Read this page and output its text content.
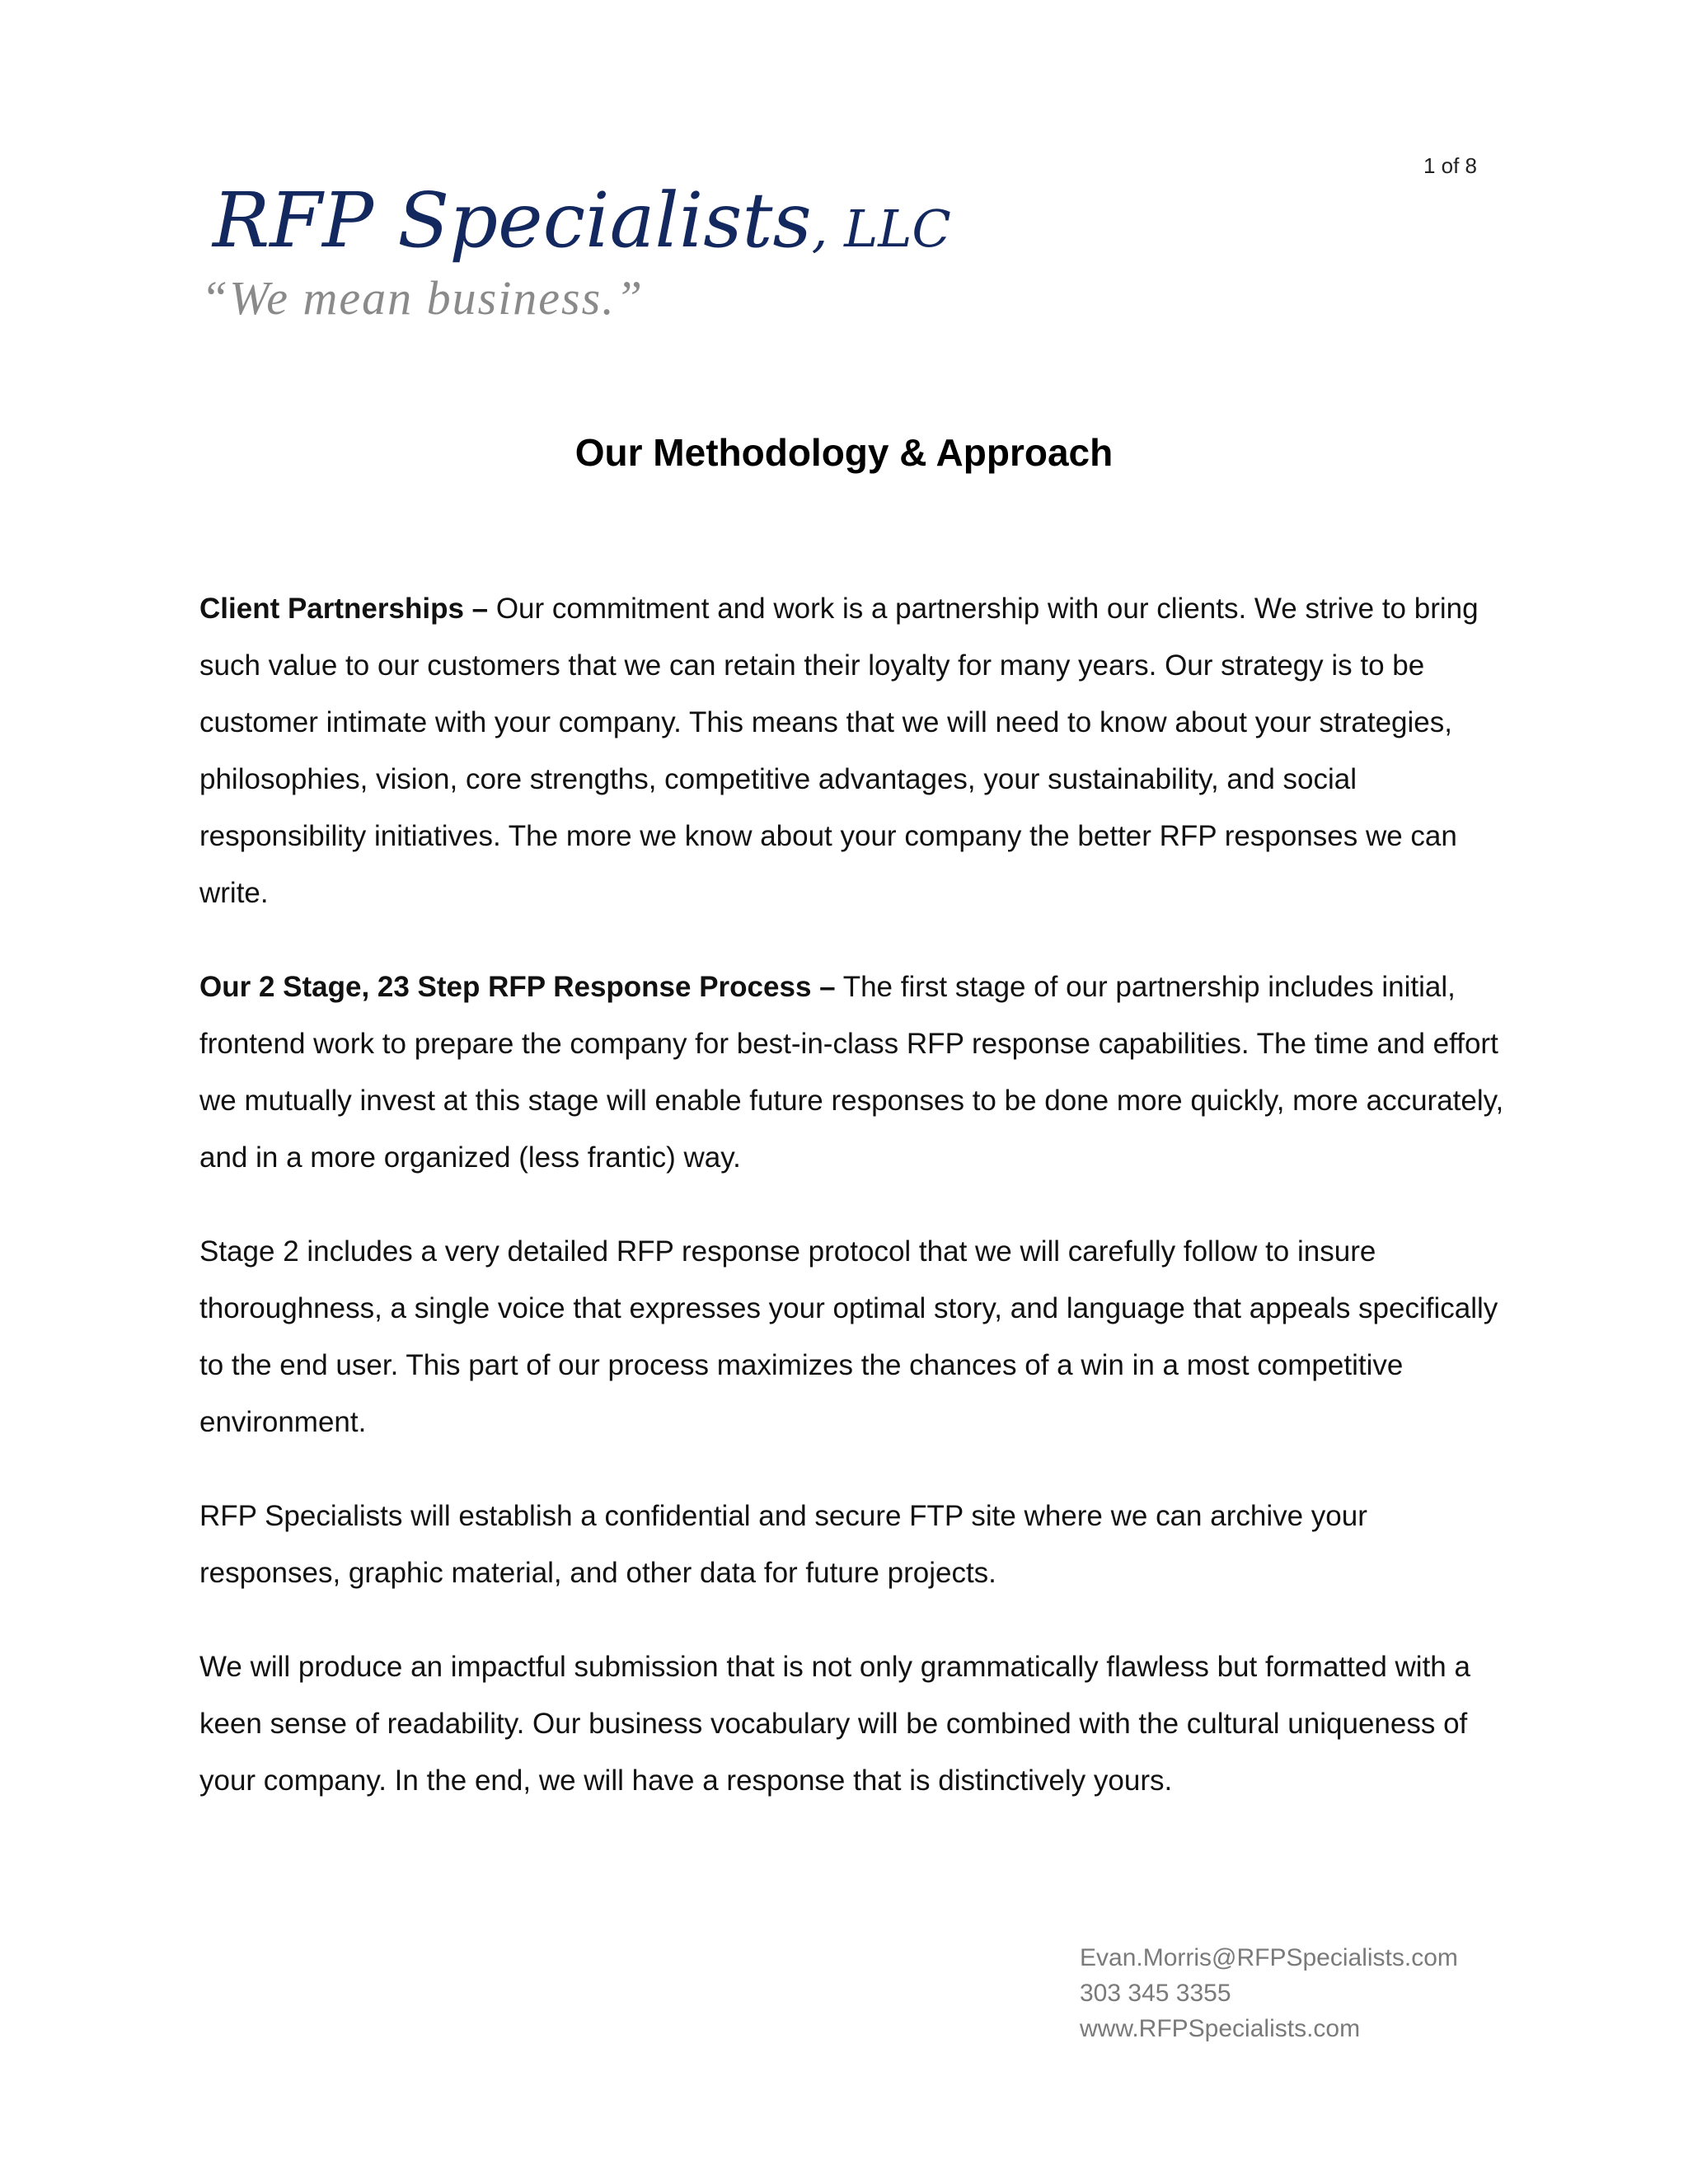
1 of 8
RFP Specialists, LLC
“We mean business.”
Our Methodology & Approach

Client Partnerships – Our commitment and work is a partnership with our clients. We strive to bring such value to our customers that we can retain their loyalty for many years. Our strategy is to be customer intimate with your company. This means that we will need to know about your strategies, philosophies, vision, core strengths, competitive advantages, your sustainability, and social responsibility initiatives. The more we know about your company the better RFP responses we can write.

Our 2 Stage, 23 Step RFP Response Process – The first stage of our partnership includes initial, frontend work to prepare the company for best-in-class RFP response capabilities. The time and effort we mutually invest at this stage will enable future responses to be done more quickly, more accurately, and in a more organized (less frantic) way.

Stage 2 includes a very detailed RFP response protocol that we will carefully follow to insure thoroughness, a single voice that expresses your optimal story, and language that appeals specifically to the end user. This part of our process maximizes the chances of a win in a most competitive environment.

RFP Specialists will establish a confidential and secure FTP site where we can archive your responses, graphic material, and other data for future projects.

We will produce an impactful submission that is not only grammatically flawless but formatted with a keen sense of readability. Our business vocabulary will be combined with the cultural uniqueness of your company. In the end, we will have a response that is distinctively yours.

Evan.Morris@RFPSpecialists.com
303 345 3355
www.RFPSpecialists.com
